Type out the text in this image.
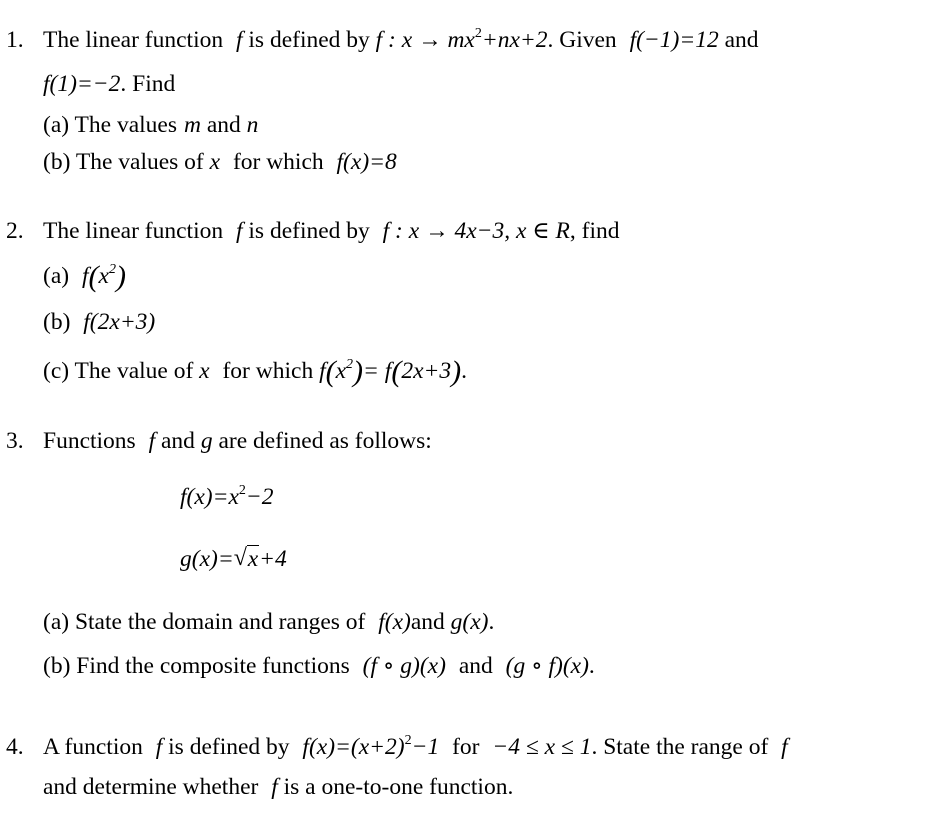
1. The linear function f is defined by f : $x \to mx^2+nx+2$. Given f(−1)=12 and
f(1)=−2. Find
(a) The values m and n
(b) The values of x for which f(x)=8
2. The linear function f is defined by f : x → 4x−3, x ∈ R, find
(a) $f(x^2)$
(b) f(2x+3)
(c) The value of x for which $f(x^2)= f(2x+3)$.
3. Functions f and g are defined as follows:
$f(x)=x^2-2$
g(x)=√ x+4
(a) State the domain and ranges of f(x)and g(x).
(b) Find the composite functions (f ∘ g)(x) and (g ∘ f)(x).
4. A function f is defined by $f(x)=(x+2)^2-1$ for −4 ≤ x ≤ 1. State the range of f
and determine whether f is a one-to-one function.
